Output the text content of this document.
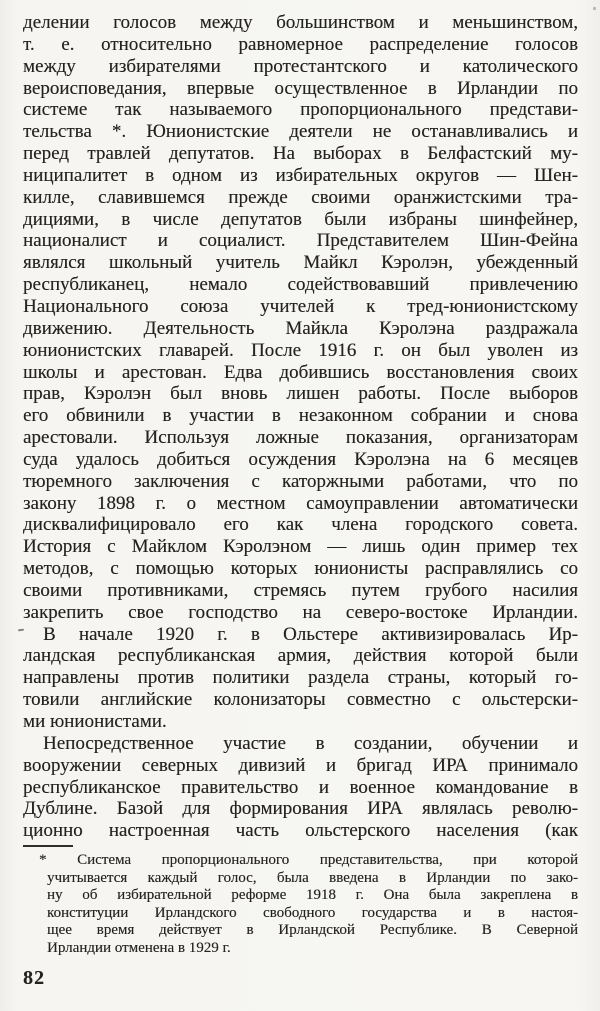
делении голосов между большинством и меньшинством,
т. е. относительно равномерное распределение голосов
между избирателями протестантского и католического
вероисповедания, впервые осуществленное в Ирландии по
системе так называемого пропорционального представи-
тельства *. Юнионистские деятели не останавливались и
перед травлей депутатов. На выборах в Белфастский му-
ниципалитет в одном из избирательных округов — Шен-
килле, славившемся прежде своими оранжистскими тра-
дициями, в числе депутатов были избраны шинфейнер,
националист и социалист. Представителем Шин-Фейна
являлся школьный учитель Майкл Кэролэн, убежденный
республиканец, немало содействовавший привлечению
Национального союза учителей к тред-юнионистскому
движению. Деятельность Майкла Кэролэна раздражала
юнионистских главарей. После 1916 г. он был уволен из
школы и арестован. Едва добившись восстановления своих
прав, Кэролэн был вновь лишен работы. После выборов
его обвинили в участии в незаконном собрании и снова
арестовали. Используя ложные показания, организаторам
суда удалось добиться осуждения Кэролэна на 6 месяцев
тюремного заключения с каторжными работами, что по
закону 1898 г. о местном самоуправлении автоматически
дисквалифицировало его как члена городского совета.
История с Майклом Кэролэном — лишь один пример тех
методов, с помощью которых юнионисты расправлялись со
своими противниками, стремясь путем грубого насилия
закрепить свое господство на северо-востоке Ирландии.
В начале 1920 г. в Ольстере активизировалась Ир-
ландская республиканская армия, действия которой были
направлены против политики раздела страны, который го-
товили английские колонизаторы совместно с ольстерски-
ми юнионистами.
Непосредственное участие в создании, обучении и
вооружении северных дивизий и бригад ИРА принимало
республиканское правительство и военное командование в
Дублине. Базой для формирования ИРА являлась револю-
ционно настроенная часть ольстерского населения (как
* Система пропорционального представительства, при которой
учитывается каждый голос, была введена в Ирландии по зако-
ну об избирательной реформе 1918 г. Она была закреплена в
конституции Ирландского свободного государства и в настоя-
щее время действует в Ирландской Республике. В Северной
Ирландии отменена в 1929 г.
82
